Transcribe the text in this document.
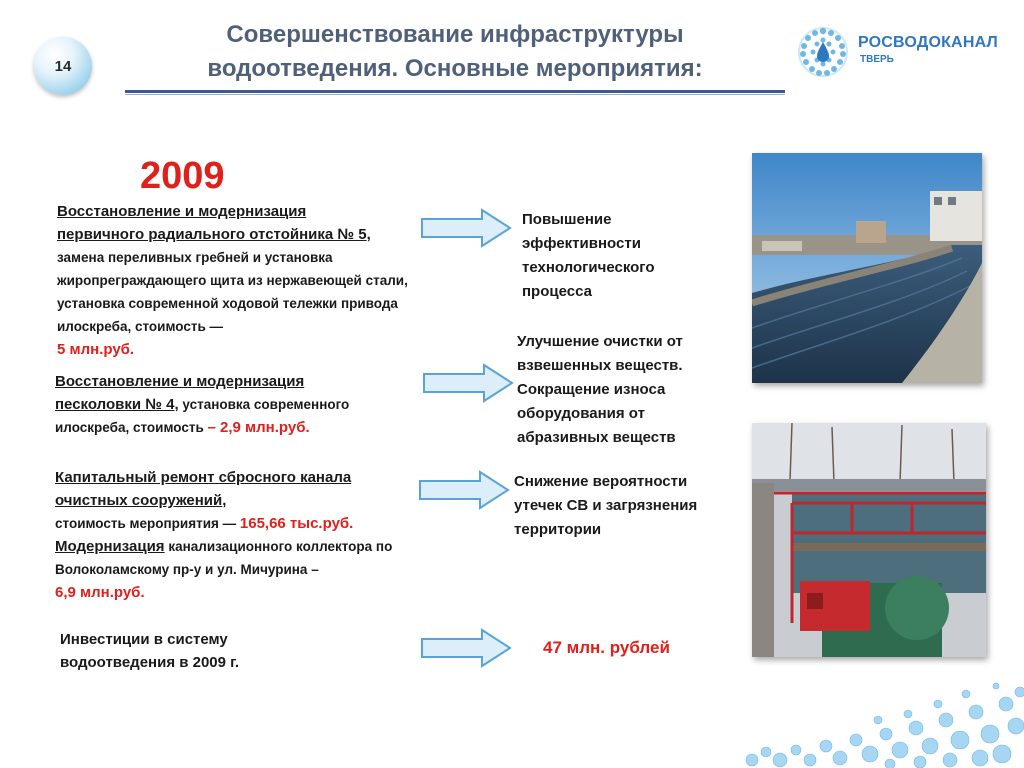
14
Совершенствование инфраструктуры
водоотведения. Основные мероприятия:
РОСВОДОКАНАЛ
ТВЕРЬ
2009
Восстановление и модернизация
первичного радиального отстойника № 5,
замена переливных гребней и установка жиропреграждающего щита из нержавеющей стали, установка современной ходовой тележки привода илоскреба, стоимость —
5 млн.руб.
Восстановление и модернизация
песколовки № 4, установка современного илоскреба, стоимость – 2,9 млн.руб.
Капитальный ремонт сбросного канала
очистных сооружений,
стоимость мероприятия — 165,66 тыс.руб.
Модернизация канализационного коллектора по Волоколамскому пр-у и ул. Мичурина –
6,9 млн.руб.
Инвестиции в систему
водоотведения в 2009 г.
Повышение
эффективности
технологического
процесса
Улучшение очистки от
взвешенных веществ.
Сокращение износа
оборудования от
абразивных веществ
Снижение вероятности
утечек СВ и загрязнения
территории
47 млн. рублей
